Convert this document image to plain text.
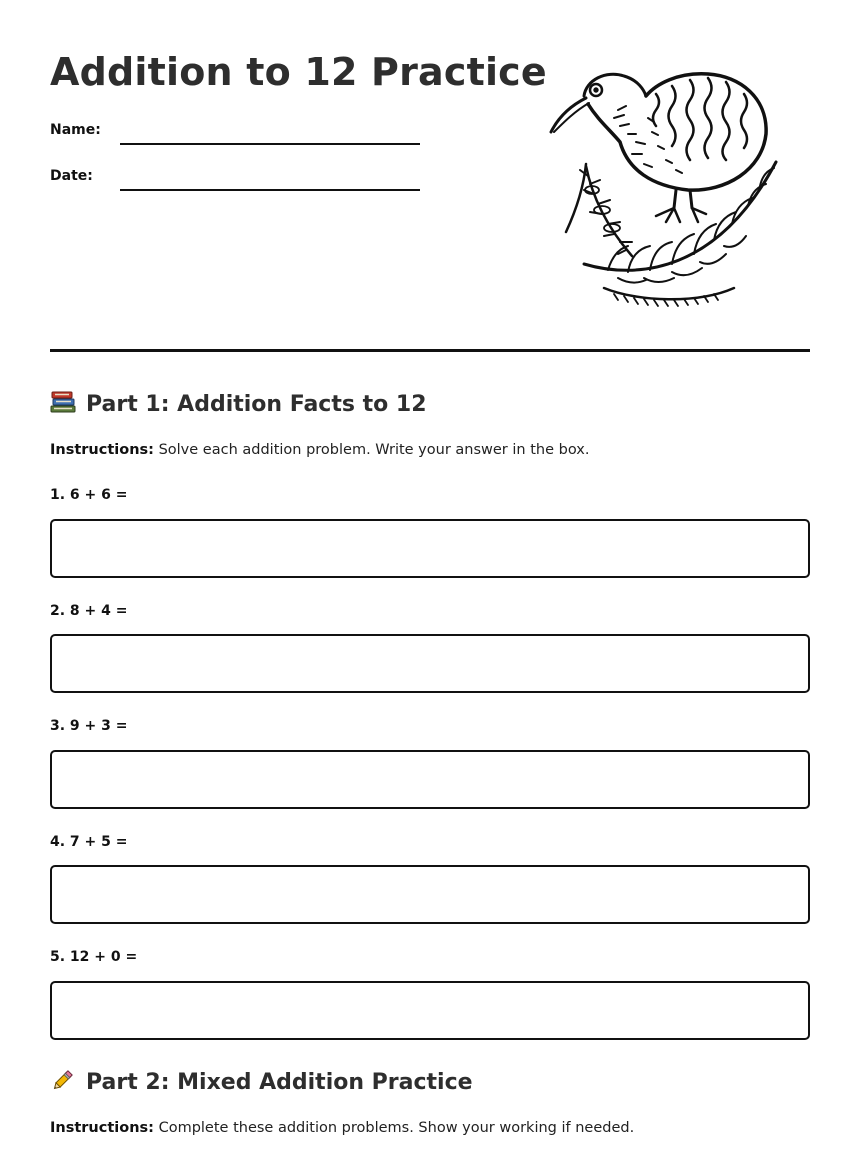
Addition to 12 Practice
Name:
Date:
Part 1: Addition Facts to 12
Instructions: Solve each addition problem. Write your answer in the box.
1. 6 + 6 =
2. 8 + 4 =
3. 9 + 3 =
4. 7 + 5 =
5. 12 + 0 =
Part 2: Mixed Addition Practice
Instructions: Complete these addition problems. Show your working if needed.
